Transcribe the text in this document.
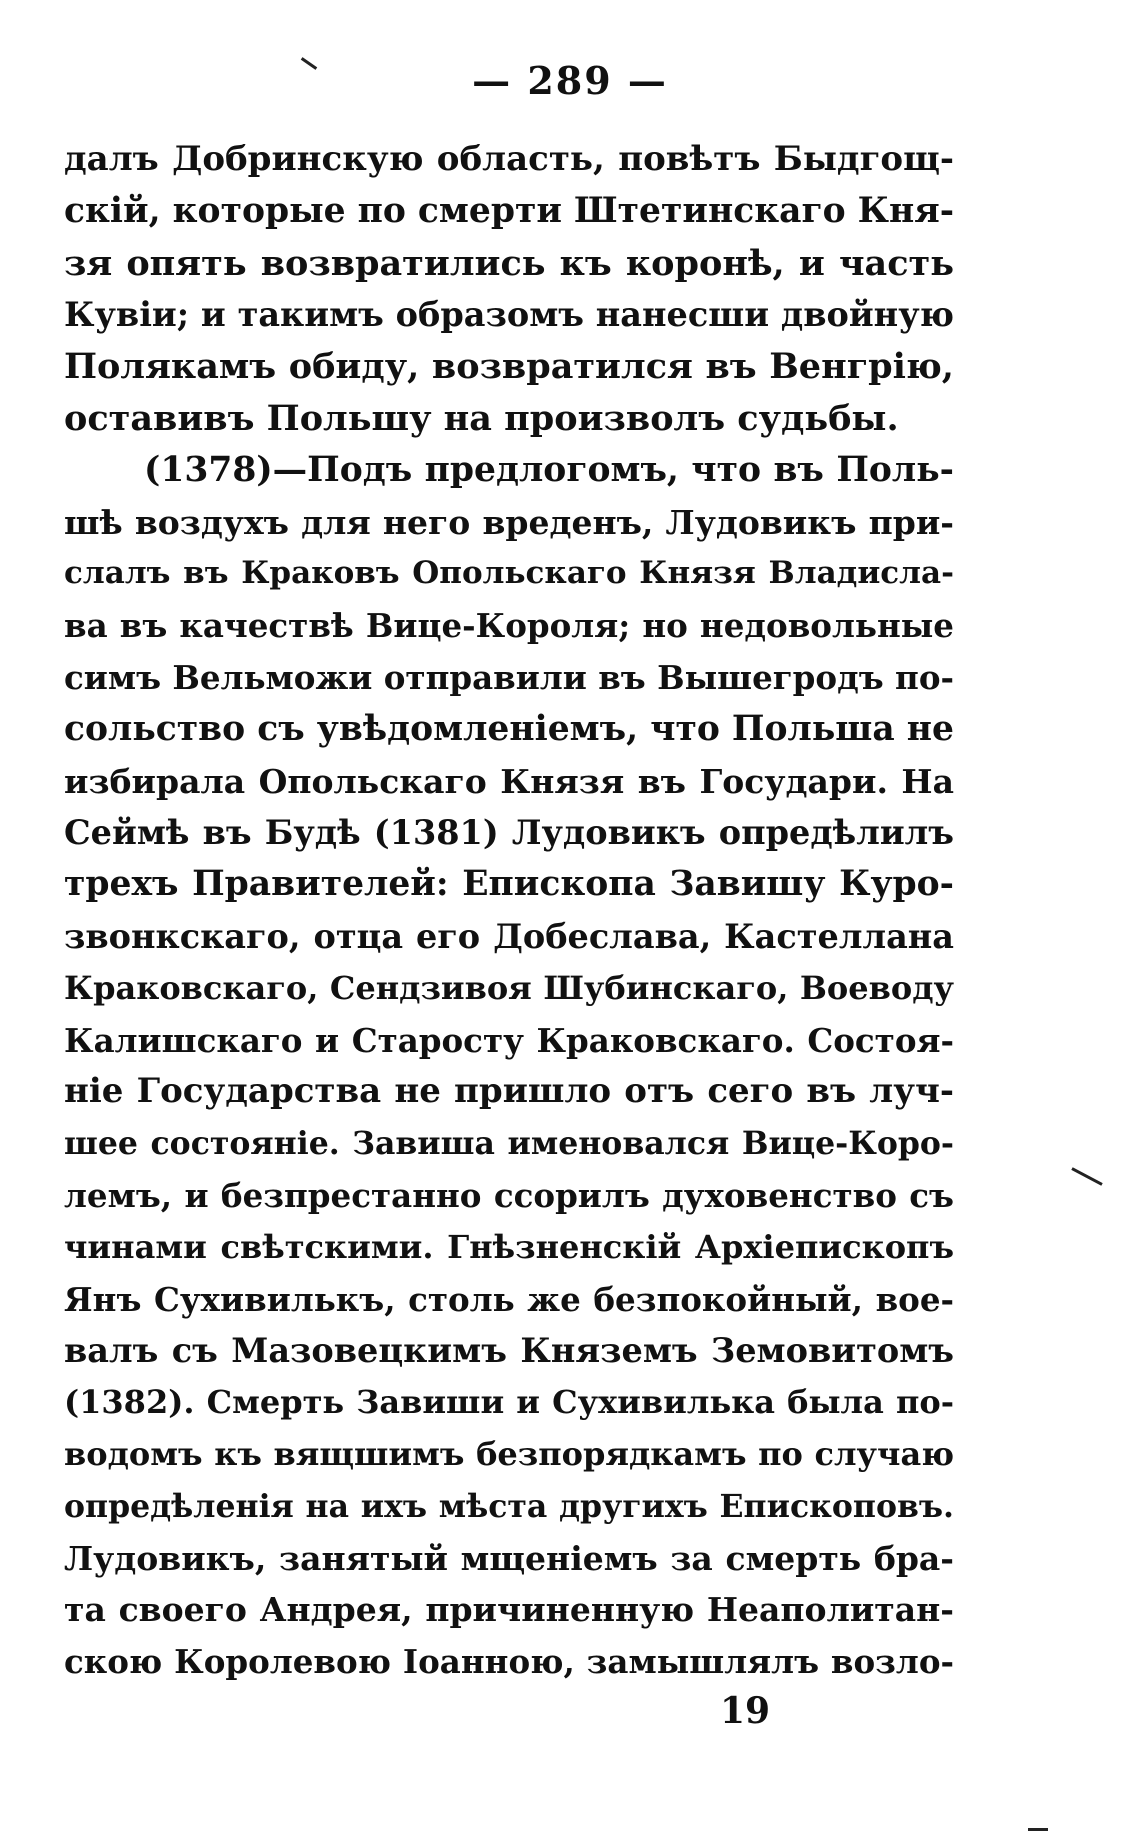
— 289 —
далъ Добринскую область, повѣтъ Быдгощ-
скій, которые по смерти Штетинскаго Кня-
зя опять возвратились къ коронѣ, и часть
Кувіи; и такимъ образомъ нанесши двойную
Полякамъ обиду, возвратился въ Венгрію,
оставивъ Польшу на произволъ судьбы.
(1378)—Подъ предлогомъ, что въ Поль-
шѣ воздухъ для него вреденъ, Лудовикъ при-
слалъ въ Краковъ Опольскаго Князя Владисла-
ва въ качествѣ Вице-Короля; но недовольные
симъ Вельможи отправили въ Вышегродъ по-
сольство съ увѣдомленіемъ, что Польша не
избирала Опольскаго Князя въ Государи. На
Сеймѣ въ Будѣ (1381) Лудовикъ опредѣлилъ
трехъ Правителей: Епископа Завишу Куро-
звонкскаго, отца его Добеслава, Кастеллана
Краковскаго, Сендзивоя Шубинскаго, Воеводу
Калишскаго и Старосту Краковскаго. Состоя-
ніе Государства не пришло отъ сего въ луч-
шее состояніе. Завиша именовался Вице-Коро-
лемъ, и безпрестанно ссорилъ духовенство съ
чинами свѣтскими. Гнѣзненскій Архіепископъ
Янъ Сухивилькъ, столь же безпокойный, вое-
валъ съ Мазовецкимъ Княземъ Земовитомъ
(1382). Смерть Завиши и Сухивилька была по-
водомъ къ вящшимъ безпорядкамъ по случаю
опредѣленія на ихъ мѣста другихъ Епископовъ.
Лудовикъ, занятый мщеніемъ за смерть бра-
та своего Андрея, причиненную Неаполитан-
скою Королевою Іоанною, замышлялъ возло-
19
